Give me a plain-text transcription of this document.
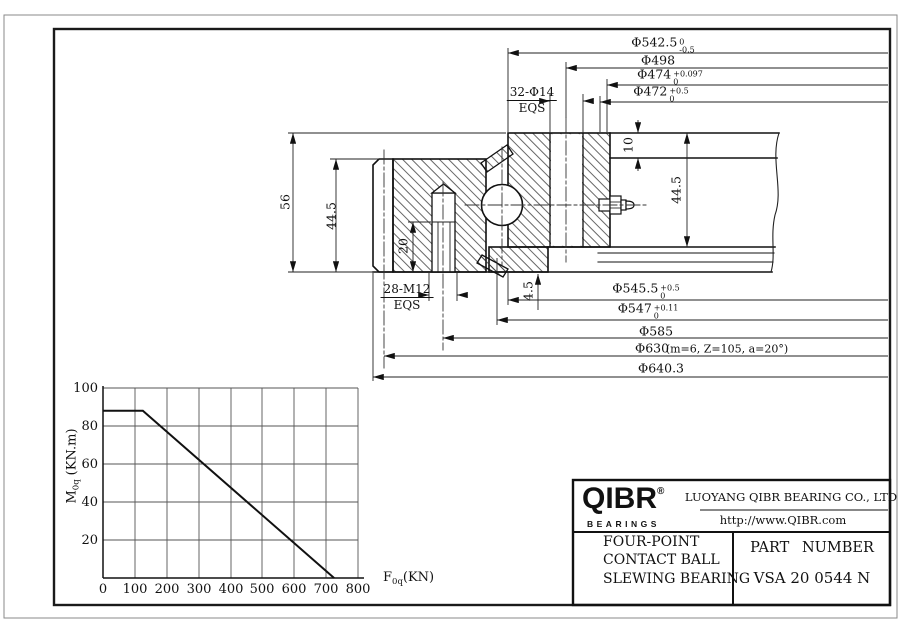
Φ542.5 0
-0.5
Φ498
Φ474 +0.097
0
Φ472 +0.5
0
32-Φ14
EQS
28-M12
EQS
20
4.5
56
44.5
10
44.5
Φ545.5 +0.5
0
Φ547 +0.11
0
Φ585
Φ630
(m=6, Z=105, a=20°)
Φ640.3
$M_{0q}(KN.m)$
$F_{0q}(KN)$
100
80
60
40
20
0 100 200 300 400 500 600 700 800
QIBR®
BEARINGS
LUOYANG QIBR BEARING CO., LTD
http://www.QIBR.com
FOUR-POINT
CONTACT BALL
SLEWING BEARING
PART NUMBER
VSA 20 0544 N
